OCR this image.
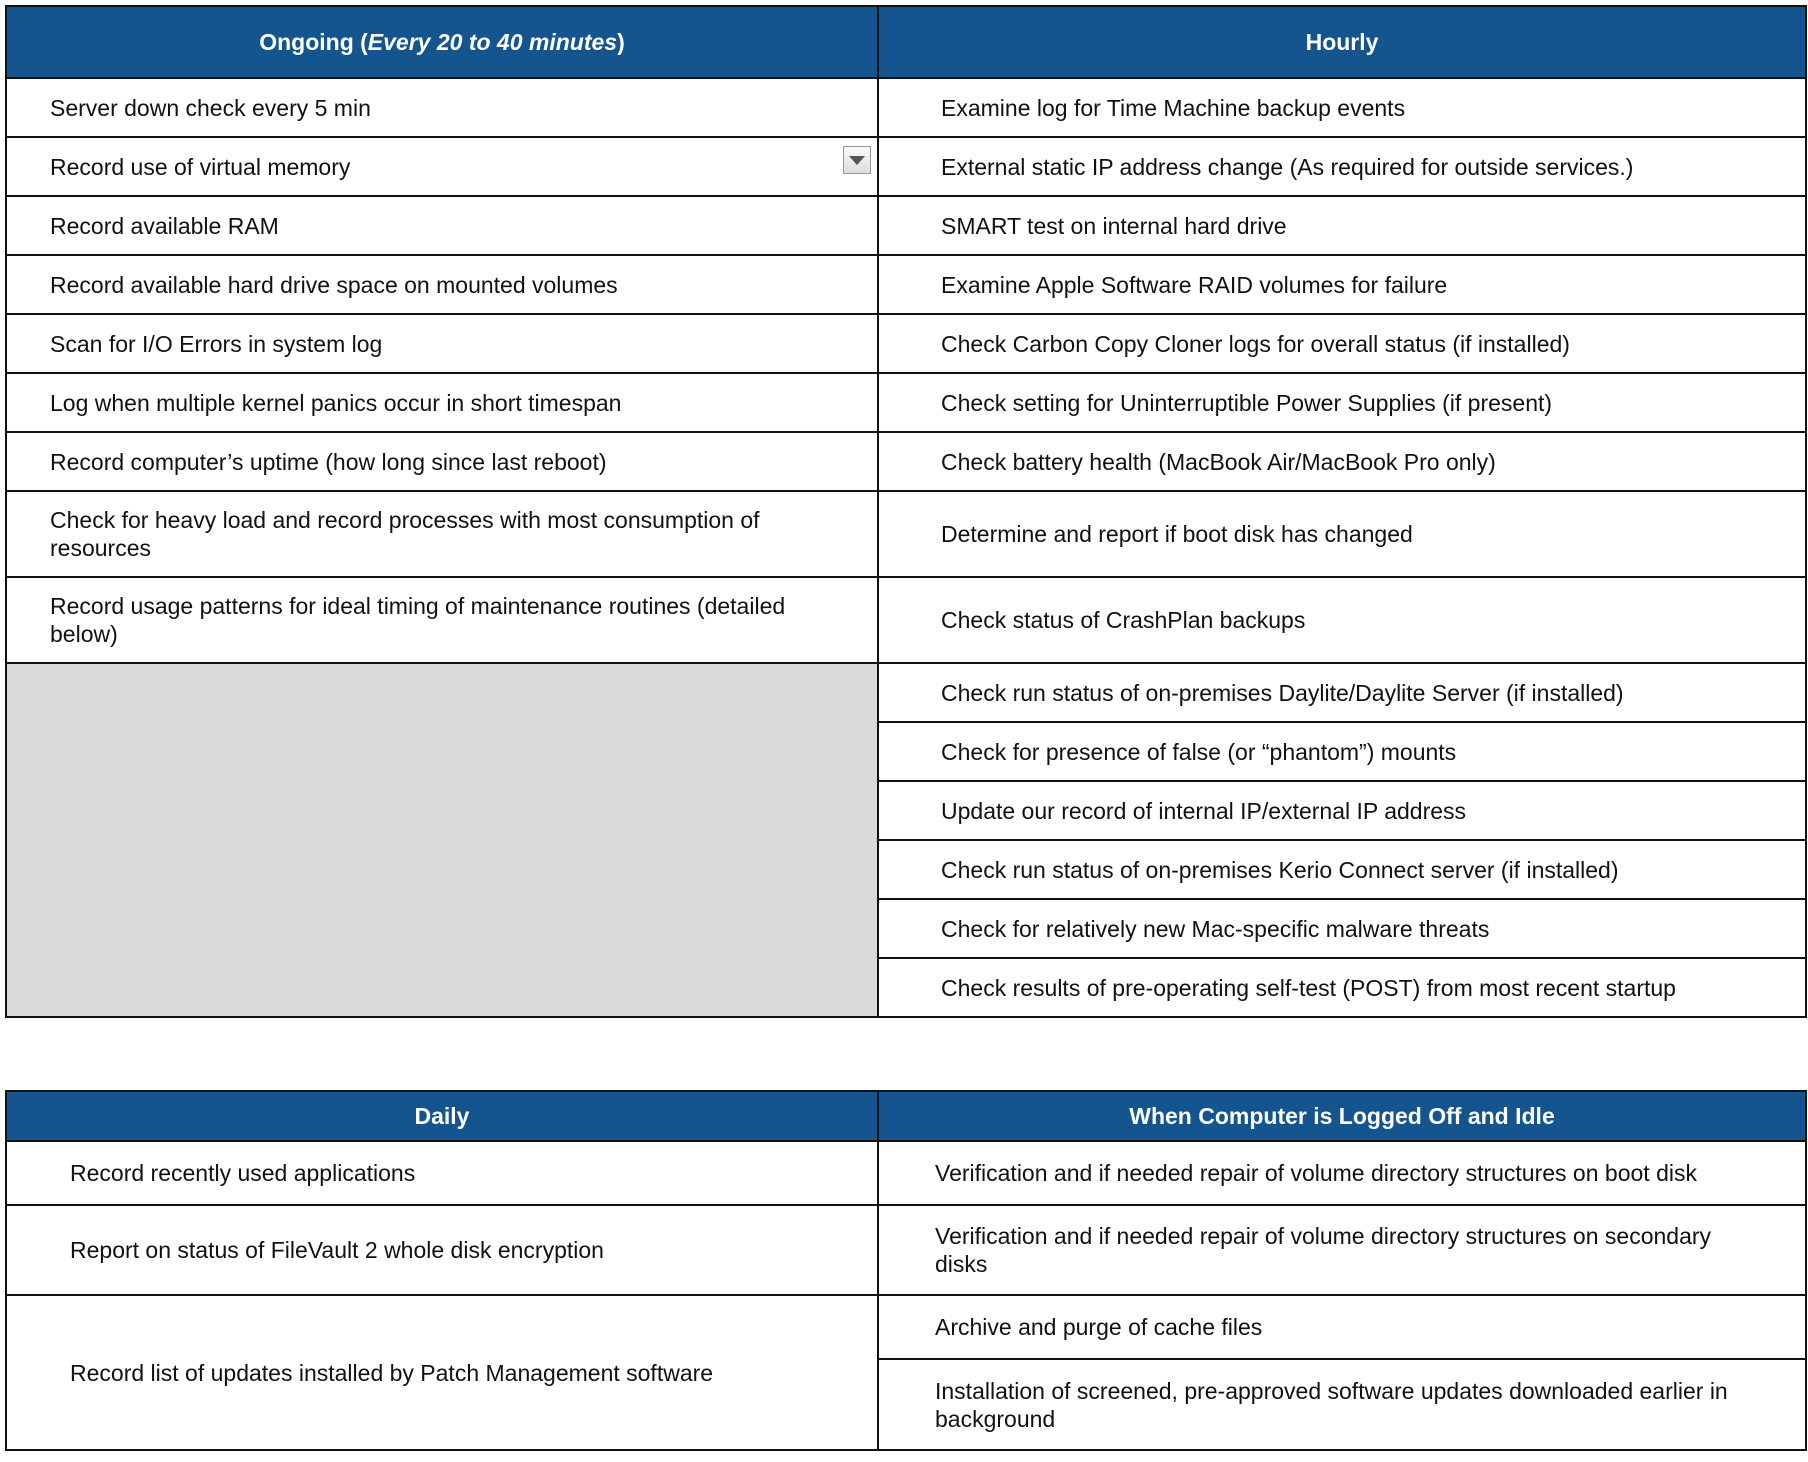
Ongoing (Every 20 to 40 minutes)	Hourly
Server down check every 5 min	Examine log for Time Machine backup events
Record use of virtual memory	External static IP address change (As required for outside services.)
Record available RAM	SMART test on internal hard drive
Record available hard drive space on mounted volumes	Examine Apple Software RAID volumes for failure
Scan for I/O Errors in system log	Check Carbon Copy Cloner logs for overall status (if installed)
Log when multiple kernel panics occur in short timespan	Check setting for Uninterruptible Power Supplies (if present)
Record computer’s uptime (how long since last reboot)	Check battery health (MacBook Air/MacBook Pro only)
Check for heavy load and record processes with most consumption of resources	Determine and report if boot disk has changed
Record usage patterns for ideal timing of maintenance routines (detailed below)	Check status of CrashPlan backups
	Check run status of on-premises Daylite/Daylite Server (if installed)
	Check for presence of false (or “phantom”) mounts
	Update our record of internal IP/external IP address
	Check run status of on-premises Kerio Connect server (if installed)
	Check for relatively new Mac-specific malware threats
	Check results of pre-operating self-test (POST) from most recent startup
Daily	When Computer is Logged Off and Idle
Record recently used applications	Verification and if needed repair of volume directory structures on boot disk
Report on status of FileVault 2 whole disk encryption	Verification and if needed repair of volume directory structures on secondary disks
Record list of updates installed by Patch Management software	Archive and purge of cache files
	Installation of screened, pre-approved software updates downloaded earlier in background
